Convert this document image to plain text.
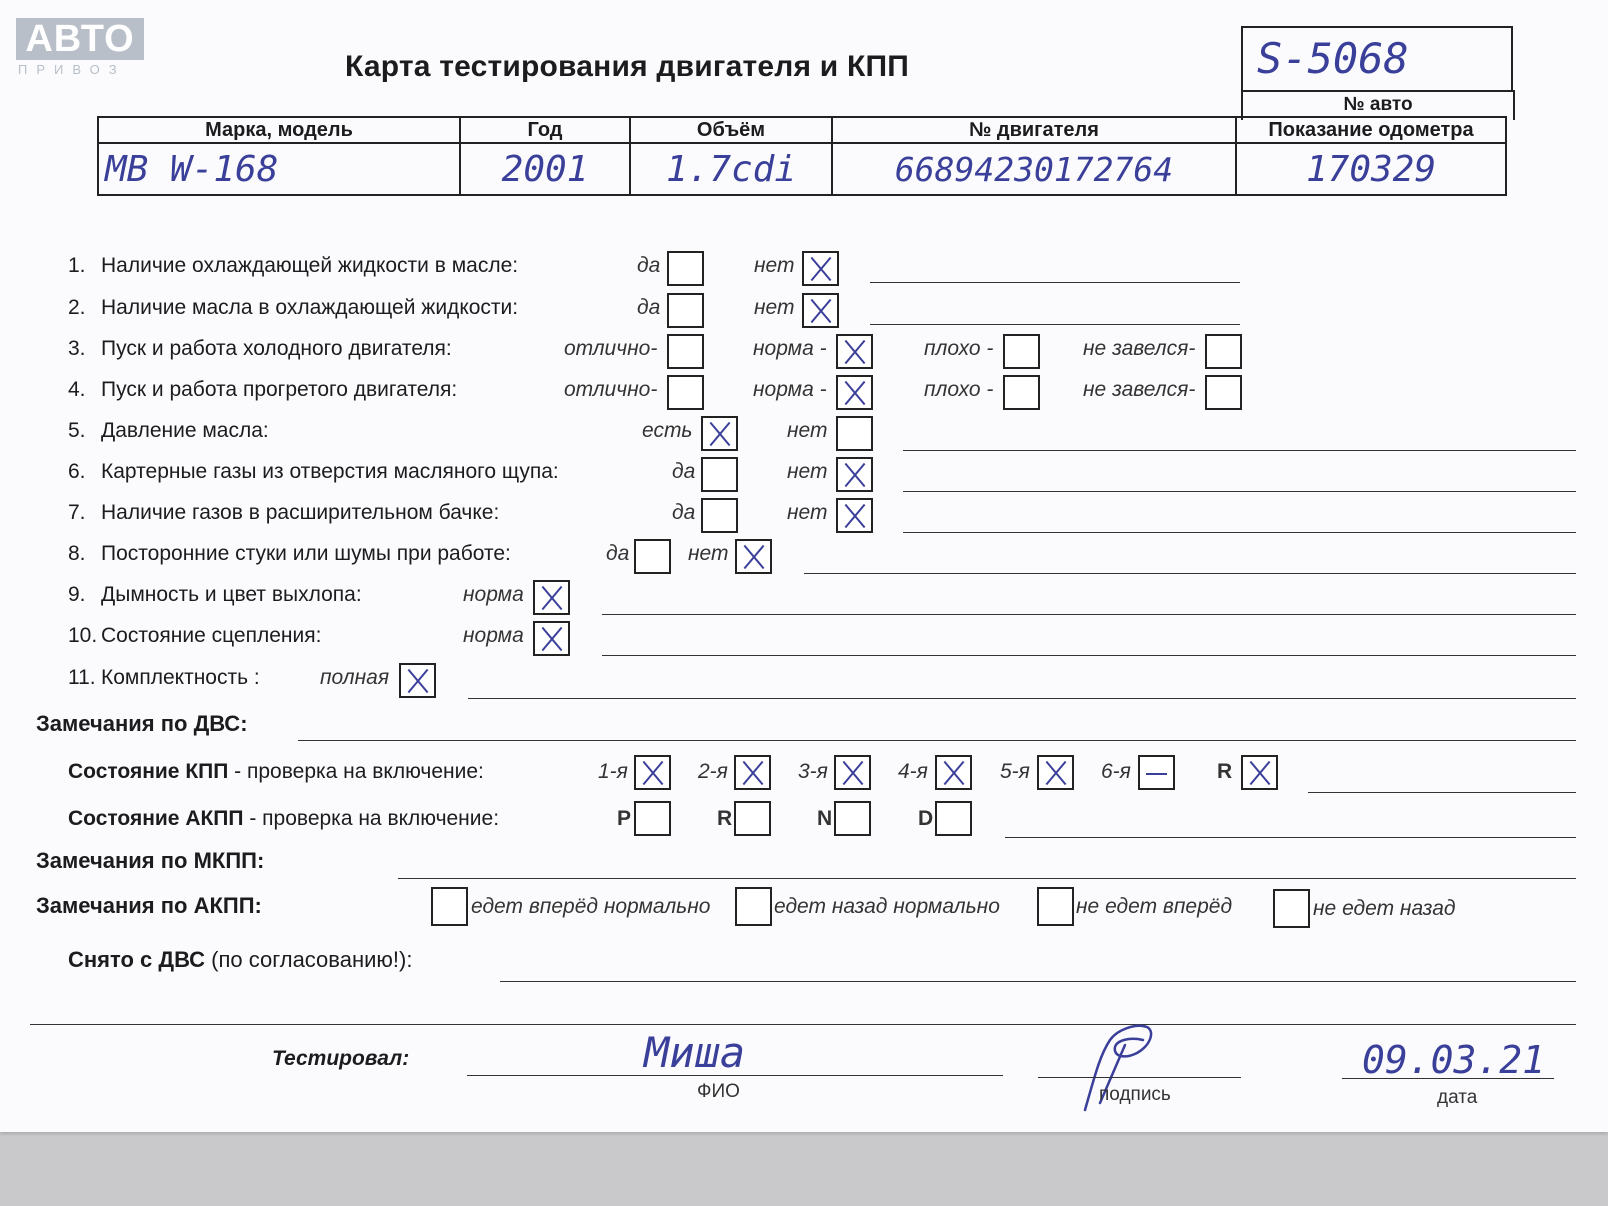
АВТО
ПРИВОЗ	Карта тестирования двигателя и КПП	S-5068
№ авто
Марка, модель	Год	Объём	№ двигателя	Показание одометра
MB W-168	2001	1.7cdi	66894230172764	170329
1. Наличие охлаждающей жидкости в масле:	да	нет
2. Наличие масла в охлаждающей жидкости:	да	нет
3. Пуск и работа холодного двигателя:	отлично-	норма -	плохо -	не завелся-
4. Пуск и работа прогретого двигателя:	отлично-	норма -	плохо -	не завелся-
5. Давление масла:	есть	нет
6. Картерные газы из отверстия масляного щупа:	да	нет
7. Наличие газов в расширительном бачке:	да	нет
8. Посторонние стуки или шумы при работе:	да	нет
9. Дымность и цвет выхлопа:	норма
10. Состояние сцепления:	норма
11. Комплектность :	полная
Замечания по ДВС:
Состояние КПП - проверка на включение:	1-я	2-я	3-я	4-я	5-я	6-я	R
Состояние АКПП - проверка на включение:	P	R	N	D
Замечания по МКПП:
Замечания по АКПП:	едет вперёд нормально	едет назад нормально	не едет вперёд	не едет назад
Снято с ДВС (по согласованию!):
Тестировал:	Миша
ФИО	подпись
09.03.21
дата
